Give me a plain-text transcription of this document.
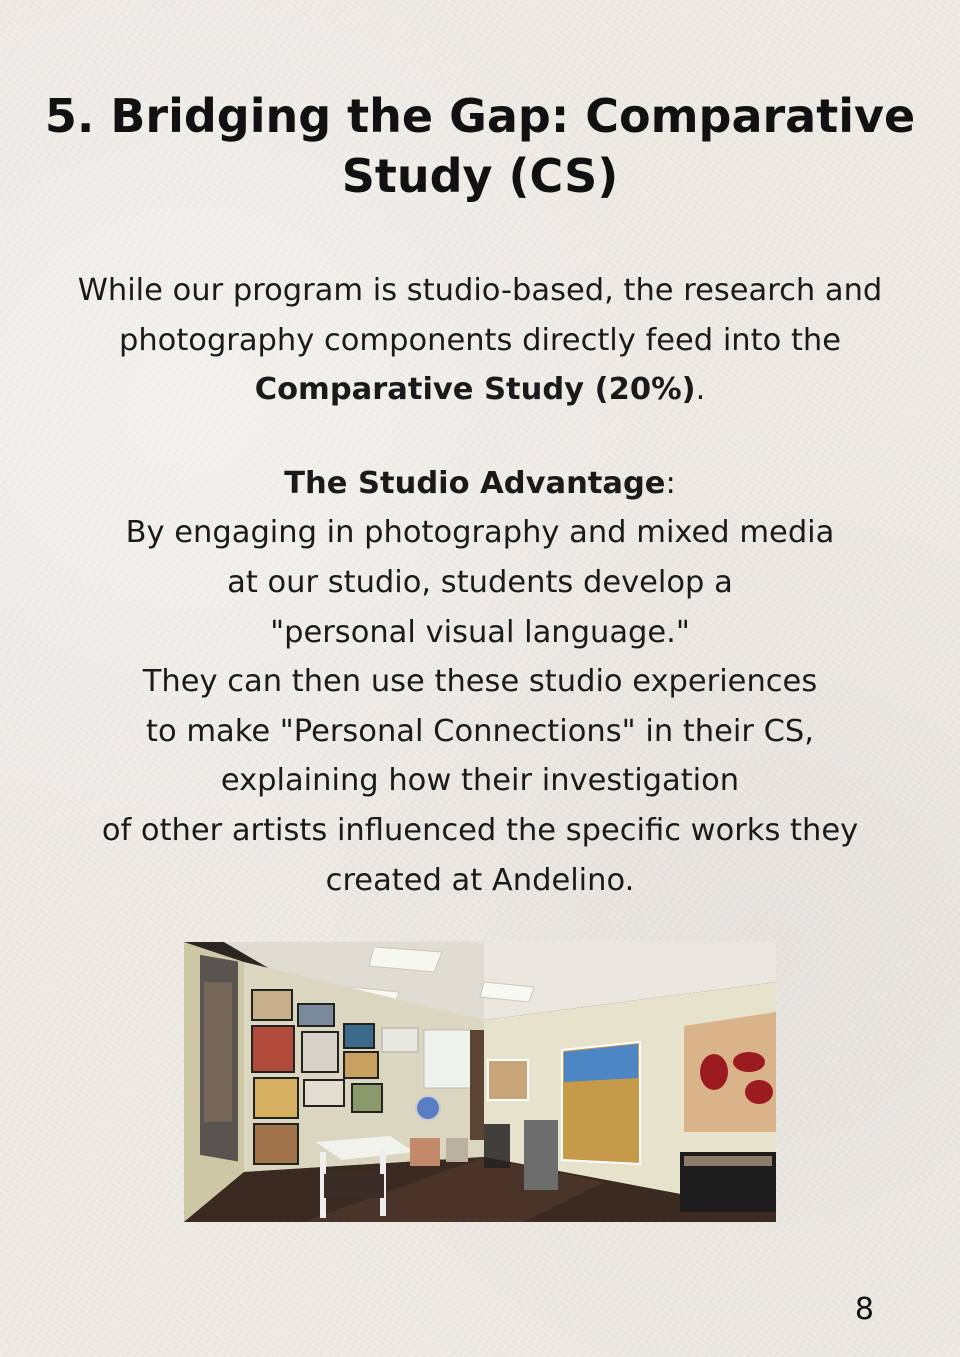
5. Bridging the Gap: Comparative
Study (CS)
While our program is studio-based, the research and
photography components directly feed into the
Comparative Study (20%).
The Studio Advantage:
By engaging in photography and mixed media
at our studio, students develop a
"personal visual language."
They can then use these studio experiences
to make "Personal Connections" in their CS,
explaining how their investigation
of other artists influenced the specific works they
created at Andelino.
8
